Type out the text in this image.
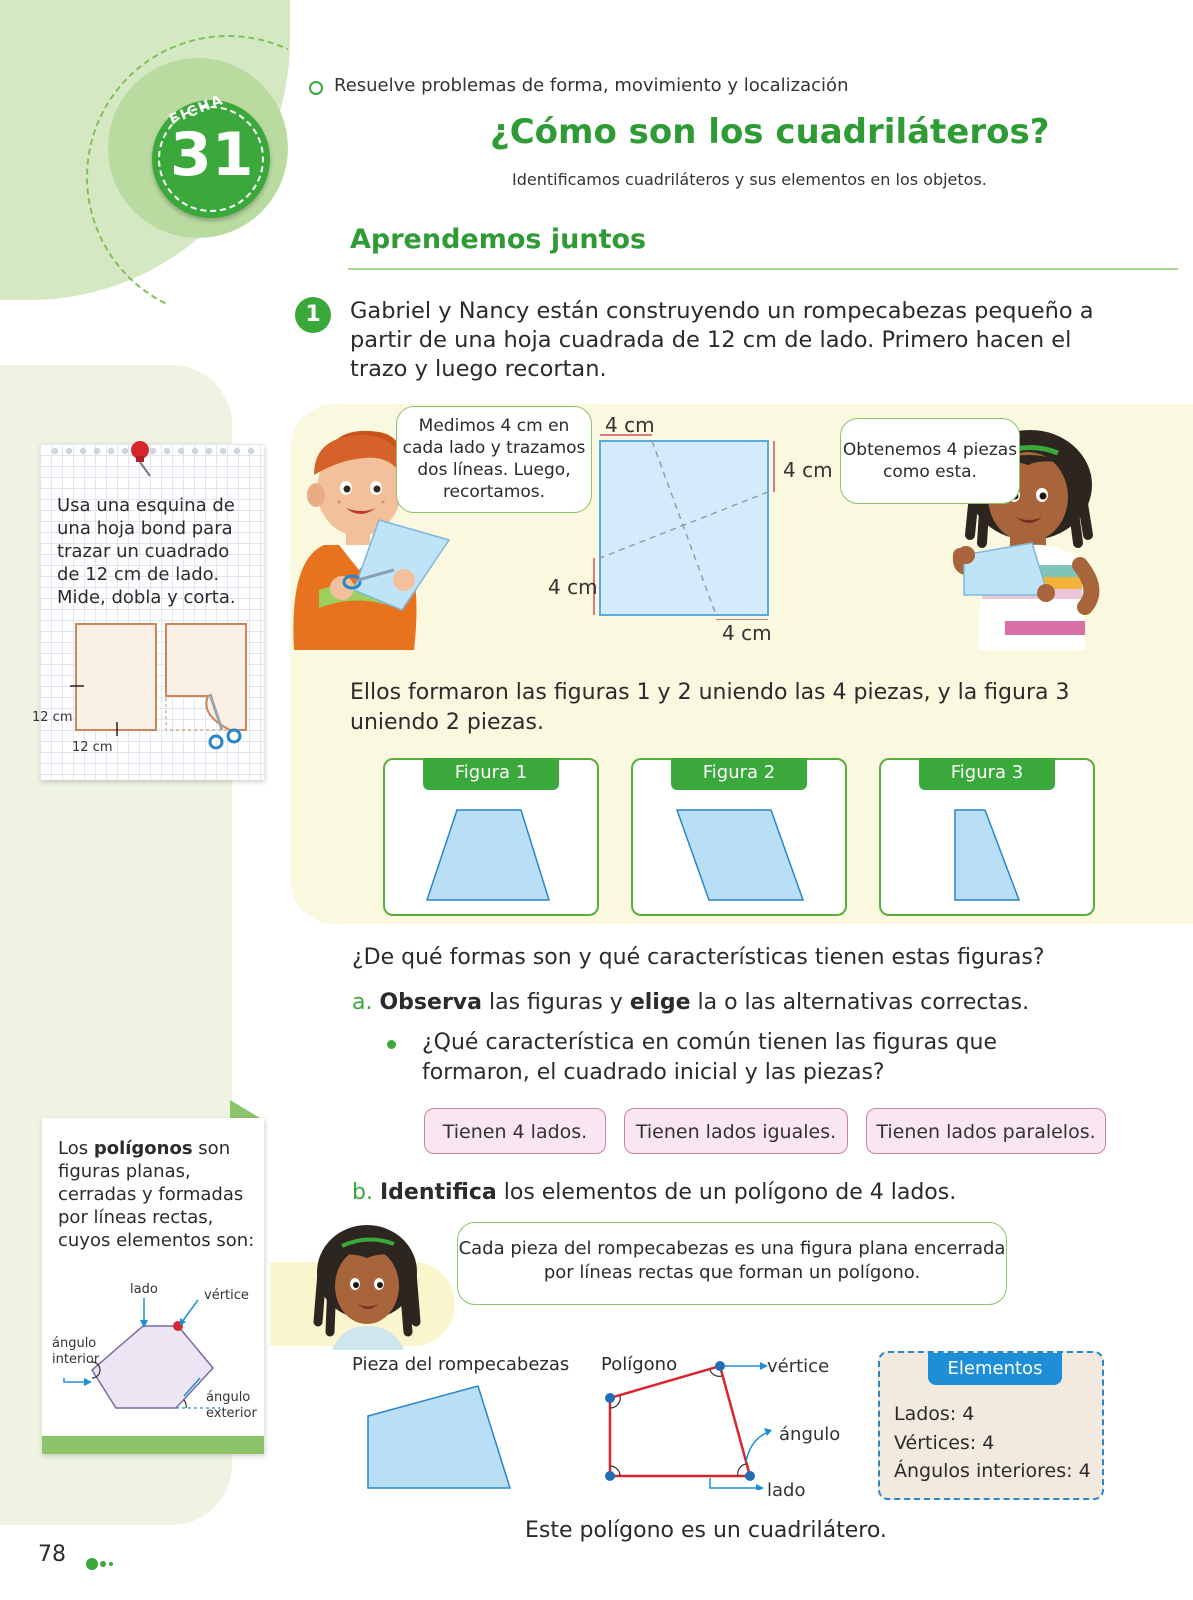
FICHA
31
Resuelve problemas de forma, movimiento y localización
¿Cómo son los cuadriláteros?
Identificamos cuadriláteros y sus elementos en los objetos.
Aprendemos juntos
1	Gabriel y Nancy están construyendo un rompecabezas pequeño a partir de una hoja cuadrada de 12 cm de lado. Primero hacen el trazo y luego recortan.
Medimos 4 cm en cada lado y trazamos dos líneas. Luego, recortamos.
Obtenemos 4 piezas como esta.
4 cm
4 cm
4 cm
4 cm
Ellos formaron las figuras 1 y 2 uniendo las 4 piezas, y la figura 3 uniendo 2 piezas.
Figura 1	Figura 2	Figura 3
¿De qué formas son y qué características tienen estas figuras?
a. Observa las figuras y elige la o las alternativas correctas.
¿Qué característica en común tienen las figuras que formaron, el cuadrado inicial y las piezas?
Tienen 4 lados.	Tienen lados iguales.	Tienen lados paralelos.
b. Identifica los elementos de un polígono de 4 lados.
Cada pieza del rompecabezas es una figura plana encerrada por líneas rectas que forman un polígono.
Pieza del rompecabezas Polígono	vértice
ángulo
lado
Elementos
Lados: 4
Vértices: 4
Ángulos interiores: 4
Este polígono es un cuadrilátero.
Usa una esquina de una hoja bond para trazar un cuadrado de 12 cm de lado. Mide, dobla y corta.
12 cm
12 cm
Los polígonos son figuras planas, cerradas y formadas por líneas rectas, cuyos elementos son:
lado	vértice
ángulo
interior
ángulo
exterior
78
